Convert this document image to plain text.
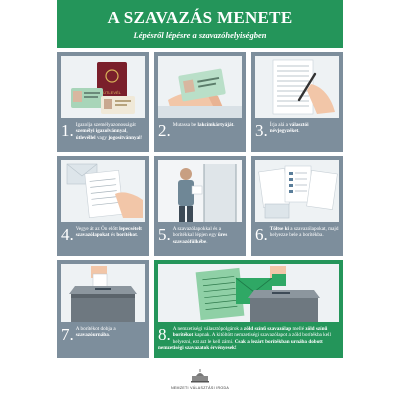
A SZAVAZÁS MENETE
Lépésről lépésre a szavazóhelyiségben
ÚTLEVÉL
1. Igazolja személyazonosságát személyi igazolvánnyal, útlevéllel vagy jogosítvánnyal! 2. Mutassa be lakcímkártyáját.	3. Írja alá a választói névjegyzéket.
4. Vegye át az Ön előtt lepecsételt szavazólapokat és borítékot.	5. A szavazólapokkal és a borítékkal lépjen egy üres szavazófülkébe.	6. Töltse ki a szavazólapokat, majd helyezze bele a borítékba.
7. A borítékot dobja a szavazóurnába.	8. A nemzetiségi választópolgárok a zöld színű szavazólap mellé zöld színű borítékot kapnak. A kitöltött nemzetiségi szavazólapot a zöld borítékba kell helyezni, ezt azt le kell zárni. Csak a lezárt borítékban urnába dobott nemzetiségi szavazatok érvényesek!
NEMZETI VÁLASZTÁSI IRODA
